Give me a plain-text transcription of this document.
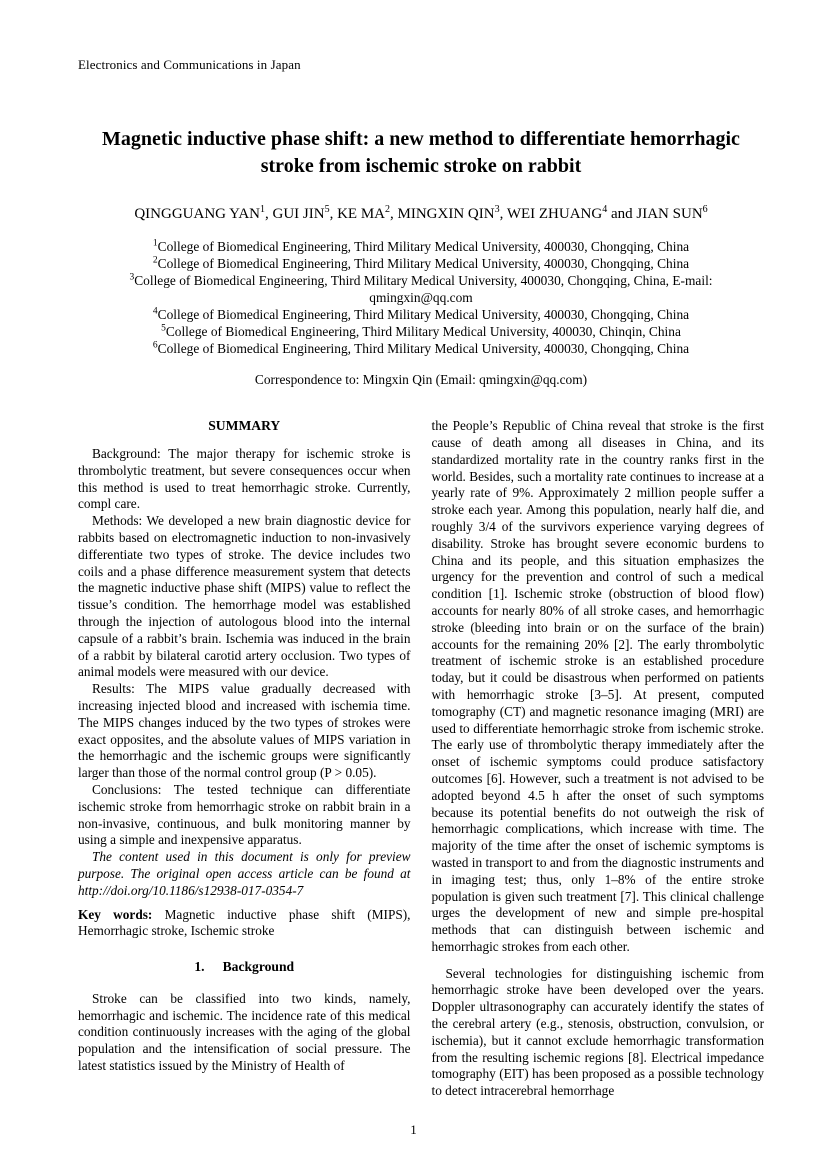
Electronics and Communications in Japan
Magnetic inductive phase shift: a new method to differentiate hemorrhagic stroke from ischemic stroke on rabbit
QINGGUANG YAN$^1$, GUI JIN$^5$, KE $MA^2$, MINGXIN QIN$^3$, WEI ZHUANG$^4$ and JIAN SUN$^6$
$^1$College of Biomedical Engineering, Third Military Medical University, 400030, Chongqing, China
$^2$College of Biomedical Engineering, Third Military Medical University, 400030, Chongqing, China
$^3$College of Biomedical Engineering, Third Military Medical University, 400030, Chongqing, China, E-mail: qmingxin@qq.com
$^4$College of Biomedical Engineering, Third Military Medical University, 400030, Chongqing, China
$^5$College of Biomedical Engineering, Third Military Medical University, 400030, Chinqin, China
$^6$College of Biomedical Engineering, Third Military Medical University, 400030, Chongqing, China
Correspondence to: Mingxin Qin (Email: qmingxin@qq.com)
SUMMARY

Background: The major therapy for ischemic stroke is thrombolytic treatment, but severe consequences occur when this method is used to treat hemorrhagic stroke. Currently, compl care.

Methods: We developed a new brain diagnostic device for rabbits based on electromagnetic induction to non-invasively differentiate two types of stroke. The device includes two coils and a phase difference measurement system that detects the magnetic inductive phase shift (MIPS) value to reflect the tissue’s condition. The hemorrhage model was established through the injection of autologous blood into the internal capsule of a rabbit’s brain. Ischemia was induced in the brain of a rabbit by bilateral carotid artery occlusion. Two types of animal models were measured with our device.

Results: The MIPS value gradually decreased with increasing injected blood and increased with ischemia time. The MIPS changes induced by the two types of strokes were exact opposites, and the absolute values of MIPS variation in the hemorrhagic and the ischemic groups were significantly larger than those of the normal control group (P > 0.05).

Conclusions: The tested technique can differentiate ischemic stroke from hemorrhagic stroke on rabbit brain in a non-invasive, continuous, and bulk monitoring manner by using a simple and inexpensive apparatus.

The content used in this document is only for preview purpose. The original open access article can be found at http://doi.org/10.1186/s12938-017-0354-7

Key words: Magnetic inductive phase shift (MIPS), Hemorrhagic stroke, Ischemic stroke

1. Background

Stroke can be classified into two kinds, namely, hemorrhagic and ischemic. The incidence rate of this medical condition continuously increases with the aging of the global population and the intensification of social pressure. The latest statistics issued by the Ministry of Health of

the People’s Republic of China reveal that stroke is the first cause of death among all diseases in China, and its standardized mortality rate in the country ranks first in the world. Besides, such a mortality rate continues to increase at a yearly rate of 9%. Approximately 2 million people suffer a stroke each year. Among this population, nearly half die, and roughly 3/4 of the survivors experience varying degrees of disability. Stroke has brought severe economic burdens to China and its people, and this situation emphasizes the urgency for the prevention and control of such a medical condition [1]. Ischemic stroke (obstruction of blood flow) accounts for nearly 80% of all stroke cases, and hemorrhagic stroke (bleeding into brain or on the surface of the brain) accounts for the remaining 20% [2]. The early thrombolytic treatment of ischemic stroke is an established procedure today, but it could be disastrous when performed on patients with hemorrhagic stroke [3–5]. At present, computed tomography (CT) and magnetic resonance imaging (MRI) are used to differentiate hemorrhagic stroke from ischemic stroke. The early use of thrombolytic therapy immediately after the onset of ischemic symptoms could produce satisfactory outcomes [6]. However, such a treatment is not advised to be adopted beyond 4.5 h after the onset of such symptoms because its potential benefits do not outweigh the risk of hemorrhagic complications, which increase with time. The majority of the time after the onset of ischemic symptoms is wasted in transport to and from the diagnostic instruments and in imaging test; thus, only 1–8% of the entire stroke population is given such treatment [7]. This clinical challenge urges the development of new and simple pre-hospital methods that can distinguish between ischemic and hemorrhagic strokes from each other.

Several technologies for distinguishing ischemic from hemorrhagic stroke have been developed over the years. Doppler ultrasonography can accurately identify the states of the cerebral artery (e.g., stenosis, obstruction, convulsion, or ischemia), but it cannot exclude hemorrhagic transformation from the resulting ischemic regions [8]. Electrical impedance tomography (EIT) has been proposed as a possible technology to detect intracerebral hemorrhage

1
